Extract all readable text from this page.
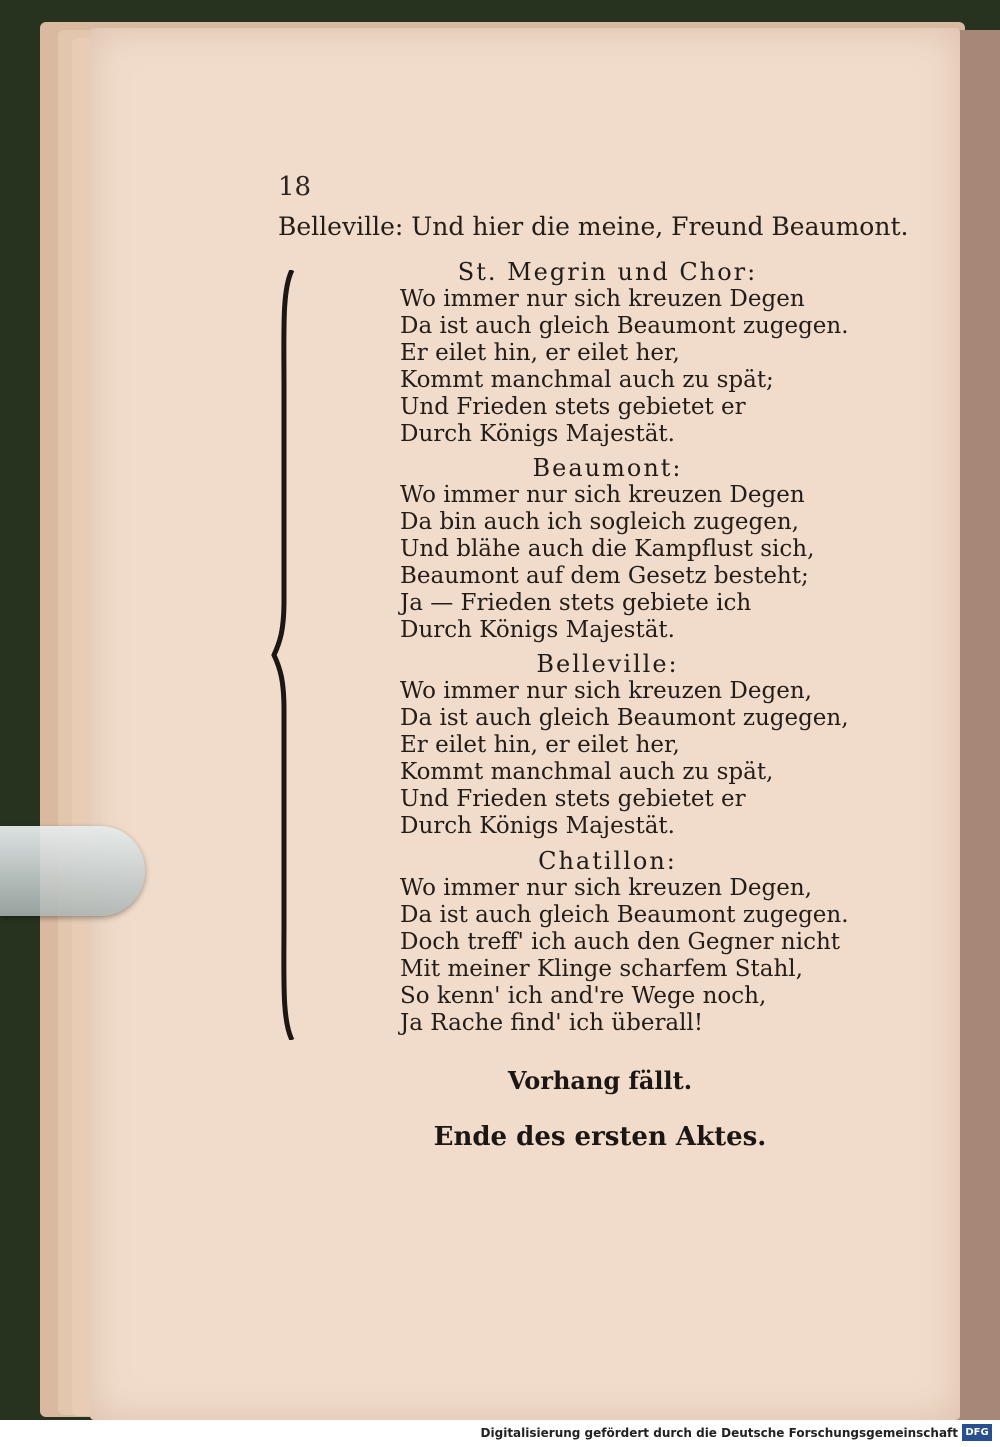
18
Belleville: Und hier die meine, Freund Beaumont.
St. Megrin und Chor:
Wo immer nur sich kreuzen Degen
Da ist auch gleich Beaumont zugegen.
Er eilet hin, er eilet her,
Kommt manchmal auch zu spät;
Und Frieden stets gebietet er
Durch Königs Majestät.
Beaumont:
Wo immer nur sich kreuzen Degen
Da bin auch ich sogleich zugegen,
Und blähe auch die Kampflust sich,
Beaumont auf dem Gesetz besteht;
Ja — Frieden stets gebiete ich
Durch Königs Majestät.
Belleville:
Wo immer nur sich kreuzen Degen,
Da ist auch gleich Beaumont zugegen,
Er eilet hin, er eilet her,
Kommt manchmal auch zu spät,
Und Frieden stets gebietet er
Durch Königs Majestät.
Chatillon:
Wo immer nur sich kreuzen Degen,
Da ist auch gleich Beaumont zugegen.
Doch treff' ich auch den Gegner nicht
Mit meiner Klinge scharfem Stahl,
So kenn' ich and're Wege noch,
Ja Rache find' ich überall!
Vorhang fällt.
Ende des ersten Aktes.
Digitalisierung gefördert durch die Deutsche Forschungsgemeinschaft DFG
